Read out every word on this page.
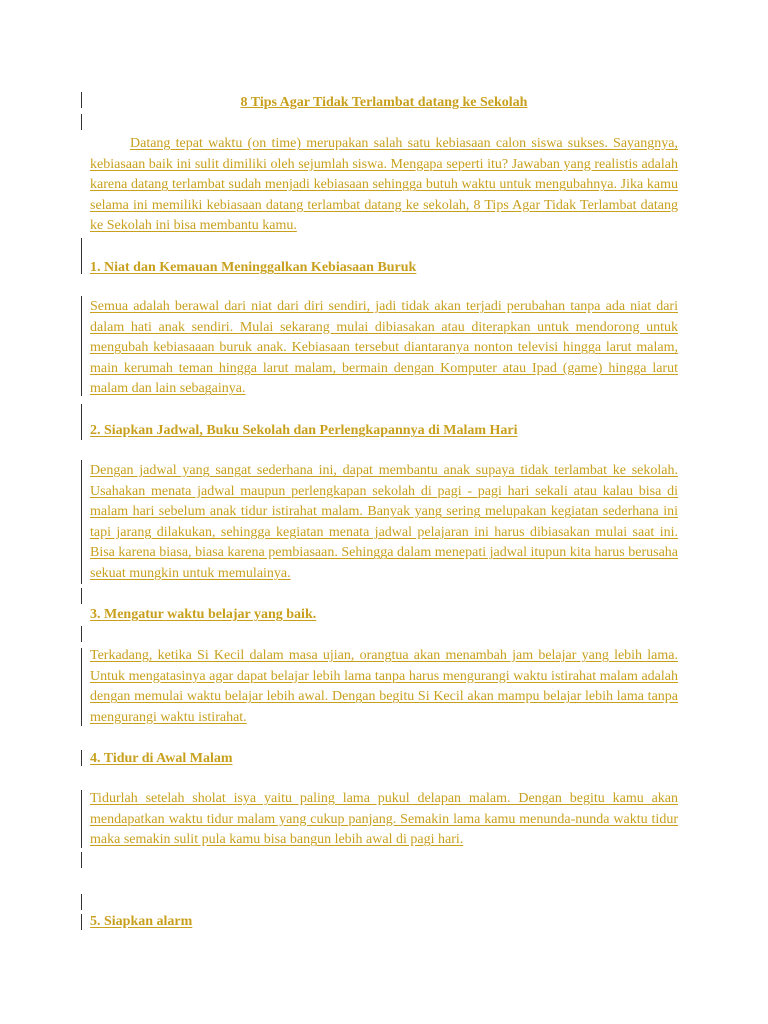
8 Tips Agar Tidak Terlambat datang ke Sekolah
Datang tepat waktu (on time) merupakan salah satu kebiasaan calon siswa sukses. Sayangnya, kebiasaan baik ini sulit dimiliki oleh sejumlah siswa. Mengapa seperti itu? Jawaban yang realistis adalah karena datang terlambat sudah menjadi kebiasaan sehingga butuh waktu untuk mengubahnya. Jika kamu selama ini memiliki kebiasaan datang terlambat datang ke sekolah, 8 Tips Agar Tidak Terlambat datang ke Sekolah ini bisa membantu kamu.
1. Niat dan Kemauan Meninggalkan Kebiasaan Buruk
Semua adalah berawal dari niat dari diri sendiri, jadi tidak akan terjadi perubahan tanpa ada niat dari dalam hati anak sendiri. Mulai sekarang mulai dibiasakan atau diterapkan untuk mendorong untuk mengubah kebiasaaan buruk anak. Kebiasaan tersebut diantaranya nonton televisi hingga larut malam, main kerumah teman hingga larut malam, bermain dengan Komputer atau Ipad (game) hingga larut malam dan lain sebagainya.
2. Siapkan Jadwal, Buku Sekolah dan Perlengkapannya di Malam Hari
Dengan jadwal yang sangat sederhana ini, dapat membantu anak supaya tidak terlambat ke sekolah. Usahakan menata jadwal maupun perlengkapan sekolah di pagi - pagi hari sekali atau kalau bisa di malam hari sebelum anak tidur istirahat malam. Banyak yang sering melupakan kegiatan sederhana ini tapi jarang dilakukan, sehingga kegiatan menata jadwal pelajaran ini harus dibiasakan mulai saat ini. Bisa karena biasa, biasa karena pembiasaan. Sehingga dalam menepati jadwal itupun kita harus berusaha sekuat mungkin untuk memulainya.
3. Mengatur waktu belajar yang baik.
Terkadang, ketika Si Kecil dalam masa ujian, orangtua akan menambah jam belajar yang lebih lama. Untuk mengatasinya agar dapat belajar lebih lama tanpa harus mengurangi waktu istirahat malam adalah dengan memulai waktu belajar lebih awal. Dengan begitu Si Kecil akan mampu belajar lebih lama tanpa mengurangi waktu istirahat.
4. Tidur di Awal Malam
Tidurlah setelah sholat isya yaitu paling lama pukul delapan malam. Dengan begitu kamu akan mendapatkan waktu tidur malam yang cukup panjang. Semakin lama kamu menunda-nunda waktu tidur maka semakin sulit pula kamu bisa bangun lebih awal di pagi hari.
5. Siapkan alarm
